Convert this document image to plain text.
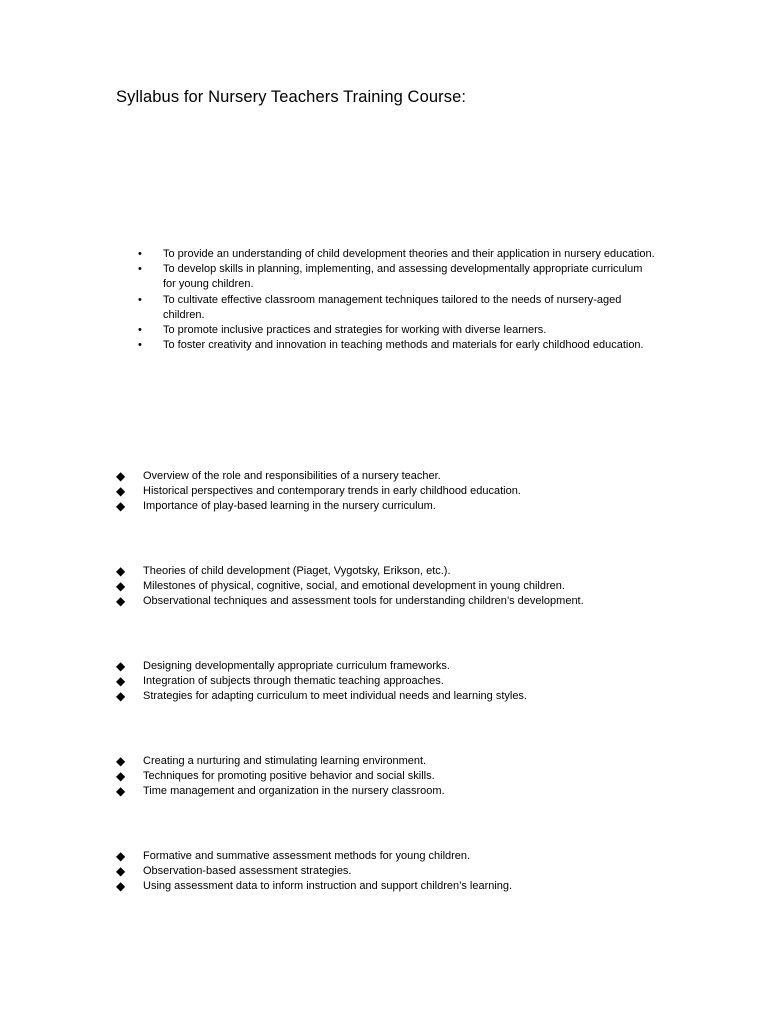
Syllabus for Nursery Teachers Training Course:
• To provide an understanding of child development theories and their application in nursery education.
• To develop skills in planning, implementing, and assessing developmentally appropriate curriculum for young children.
• To cultivate effective classroom management techniques tailored to the needs of nursery-aged children.
• To promote inclusive practices and strategies for working with diverse learners.
• To foster creativity and innovation in teaching methods and materials for early childhood education.
◆ Overview of the role and responsibilities of a nursery teacher.
◆ Historical perspectives and contemporary trends in early childhood education.
◆ Importance of play-based learning in the nursery curriculum.
◆ Theories of child development (Piaget, Vygotsky, Erikson, etc.).
◆ Milestones of physical, cognitive, social, and emotional development in young children.
◆ Observational techniques and assessment tools for understanding children’s development.
◆ Designing developmentally appropriate curriculum frameworks.
◆ Integration of subjects through thematic teaching approaches.
◆ Strategies for adapting curriculum to meet individual needs and learning styles.
◆ Creating a nurturing and stimulating learning environment.
◆ Techniques for promoting positive behavior and social skills.
◆ Time management and organization in the nursery classroom.
◆ Formative and summative assessment methods for young children.
◆ Observation-based assessment strategies.
◆ Using assessment data to inform instruction and support children’s learning.
